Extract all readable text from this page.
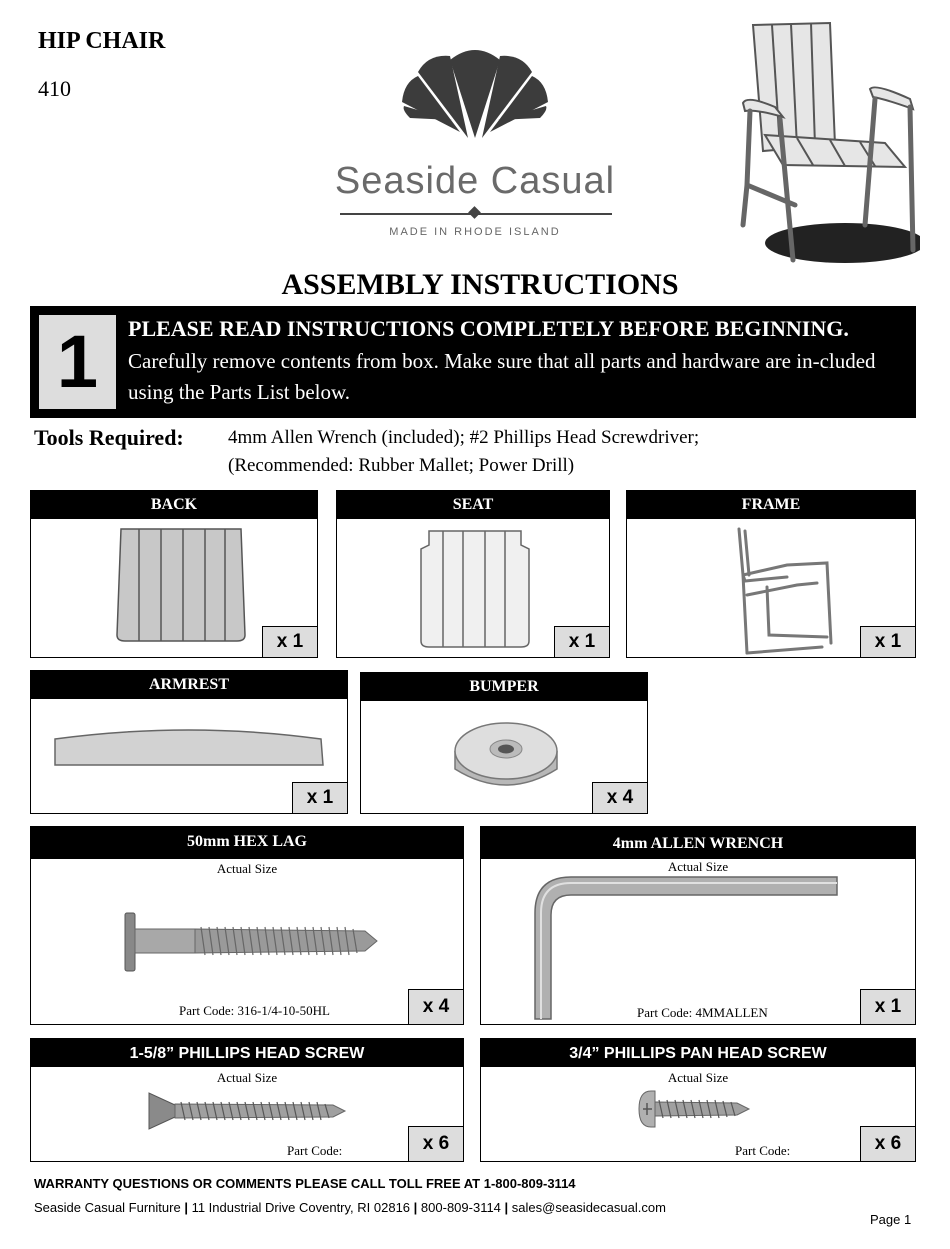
HIP CHAIR
410
Seaside Casual
MADE IN RHODE ISLAND
ASSEMBLY INSTRUCTIONS
1	PLEASE READ INSTRUCTIONS COMPLETELY BEFORE BEGINNING.
Carefully remove contents from box. Make sure that all parts and hardware are in-cluded using the Parts List below.
Tools Required: 4mm Allen Wrench (included); #2 Phillips Head Screwdriver;
(Recommended: Rubber Mallet; Power Drill)
BACK
x 1
SEAT
x 1
FRAME
x 1
ARMREST
x 1
BUMPER
x 4
50mm HEX LAG
Actual Size
Part Code: 316-1/4-10-50HL	x 4
4mm ALLEN WRENCH
Actual Size
Part Code: 4MMALLEN	x 1
1-5/8” PHILLIPS HEAD SCREW
Actual Size
Part Code:	x 6
3/4” PHILLIPS PAN HEAD SCREW
Actual Size
Part Code:	x 6
WARRANTY QUESTIONS OR COMMENTS PLEASE CALL TOLL FREE AT 1-800-809-3114
Seaside Casual Furniture | 11 Industrial Drive Coventry, RI 02816 | 800-809-3114 | sales@seasidecasual.com
Page 1
